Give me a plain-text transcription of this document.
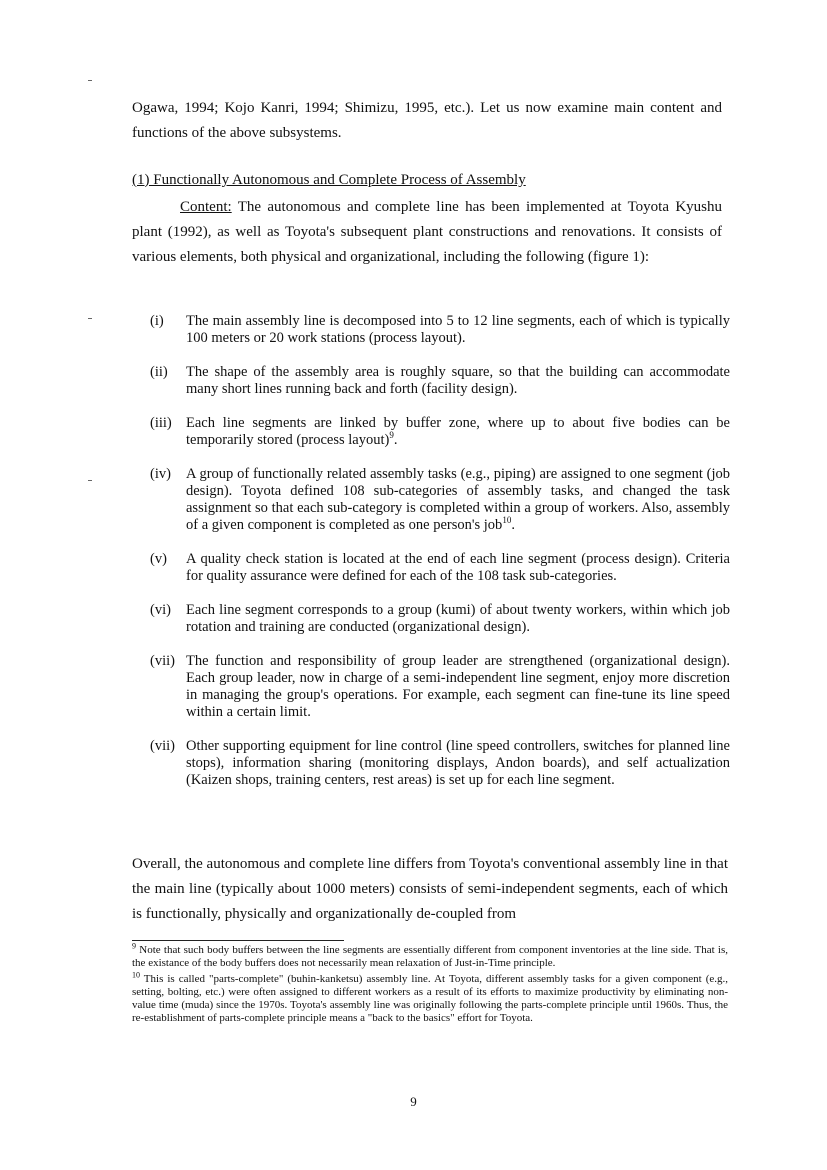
Ogawa, 1994; Kojo Kanri, 1994; Shimizu, 1995, etc.). Let us now examine main content and functions of the above subsystems.

(1) Functionally Autonomous and Complete Process of Assembly

Content: The autonomous and complete line has been implemented at Toyota Kyushu plant (1992), as well as Toyota's subsequent plant constructions and renovations. It consists of various elements, both physical and organizational, including the following (figure 1):

(i) The main assembly line is decomposed into 5 to 12 line segments, each of which is typically 100 meters or 20 work stations (process layout).
(ii) The shape of the assembly area is roughly square, so that the building can accommodate many short lines running back and forth (facility design).
(iii) Each line segments are linked by buffer zone, where up to about five bodies can be temporarily stored (process layout)$^9$.
(iv) A group of functionally related assembly tasks (e.g., piping) are assigned to one segment (job design). Toyota defined 108 sub-categories of assembly tasks, and changed the task assignment so that each sub-category is completed within a group of workers. Also, assembly of a given component is completed as one person's job$^{10}$.
(v) A quality check station is located at the end of each line segment (process design). Criteria for quality assurance were defined for each of the 108 task sub-categories.
(vi) Each line segment corresponds to a group (kumi) of about twenty workers, within which job rotation and training are conducted (organizational design).
(vii) The function and responsibility of group leader are strengthened (organizational design). Each group leader, now in charge of a semi-independent line segment, enjoy more discretion in managing the group's operations. For example, each segment can fine-tune its line speed within a certain limit.
(vii) Other supporting equipment for line control (line speed controllers, switches for planned line stops), information sharing (monitoring displays, Andon boards), and self actualization (Kaizen shops, training centers, rest areas) is set up for each line segment.

Overall, the autonomous and complete line differs from Toyota's conventional assembly line in that the main line (typically about 1000 meters) consists of semi-independent segments, each of which is functionally, physically and organizationally de-coupled from

$^9$ Note that such body buffers between the line segments are essentially different from component inventories at the line side. That is, the existance of the body buffers does not necessarily mean relaxation of Just-in-Time principle.

$^{10}$ This is called "parts-complete" (buhin-kanketsu) assembly line. At Toyota, different assembly tasks for a given component (e.g., setting, bolting, etc.) were often assigned to different workers as a result of its efforts to maximize productivity by eliminating non-value time (muda) since the 1970s. Toyota's assembly line was originally following the parts-complete principle until 1960s. Thus, the re-establishment of parts-complete principle means a "back to the basics" effort for Toyota.

9
